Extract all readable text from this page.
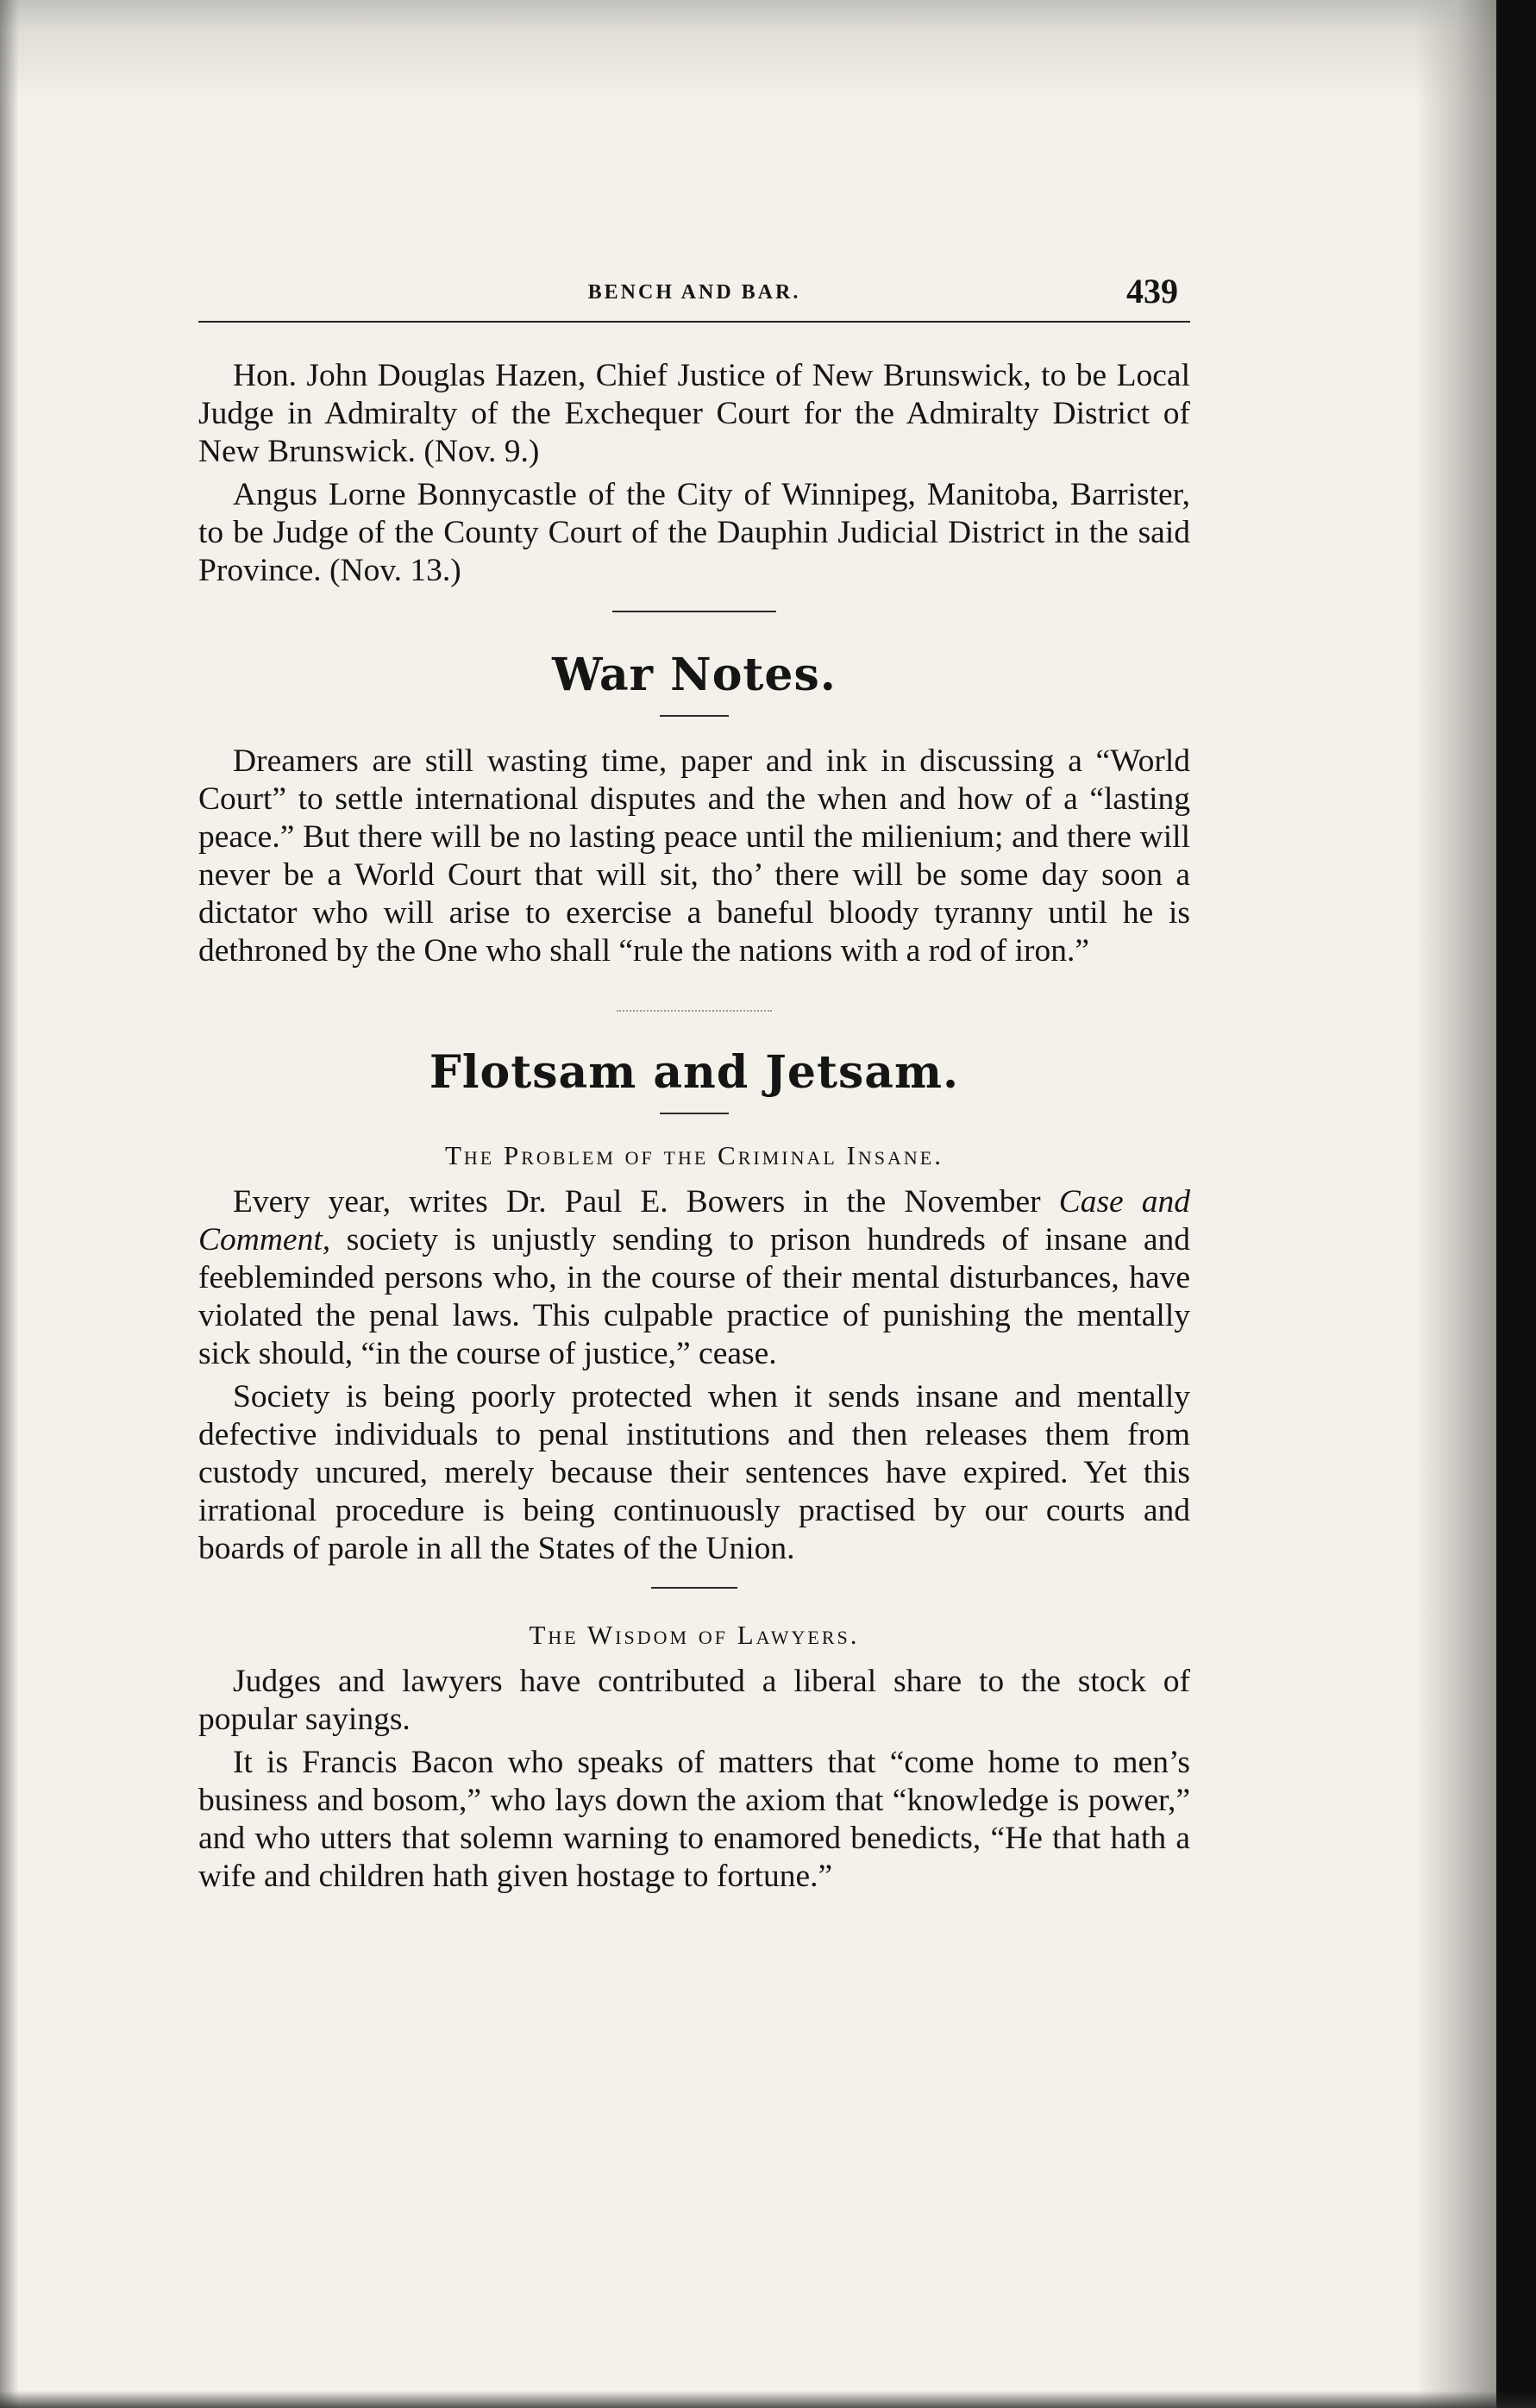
BENCH AND BAR.	439

Hon. John Douglas Hazen, Chief Justice of New Brunswick, to be Local Judge in Admiralty of the Exchequer Court for the Admiralty District of New Brunswick. (Nov. 9.)

Angus Lorne Bonnycastle of the City of Winnipeg, Manitoba, Barrister, to be Judge of the County Court of the Dauphin Judicial District in the said Province. (Nov. 13.)

War Notes.

Dreamers are still wasting time, paper and ink in discussing a “World Court” to settle international disputes and the when and how of a “lasting peace.” But there will be no lasting peace until the milienium; and there will never be a World Court that will sit, tho’ there will be some day soon a dictator who will arise to exercise a baneful bloody tyranny until he is dethroned by the One who shall “rule the nations with a rod of iron.”

Flotsam and Jetsam.
The Problem of the Criminal Insane.

Every year, writes Dr. Paul E. Bowers in the November Case and Comment, society is unjustly sending to prison hundreds of insane and feebleminded persons who, in the course of their mental disturbances, have violated the penal laws. This culpable practice of punishing the mentally sick should, “in the course of justice,” cease.

Society is being poorly protected when it sends insane and mentally defective individuals to penal institutions and then releases them from custody uncured, merely because their sentences have expired. Yet this irrational procedure is being continuously practised by our courts and boards of parole in all the States of the Union.

The Wisdom of Lawyers.

Judges and lawyers have contributed a liberal share to the stock of popular sayings.

It is Francis Bacon who speaks of matters that “come home to men’s business and bosom,” who lays down the axiom that “knowledge is power,” and who utters that solemn warning to enamored benedicts, “He that hath a wife and children hath given hostage to fortune.”
